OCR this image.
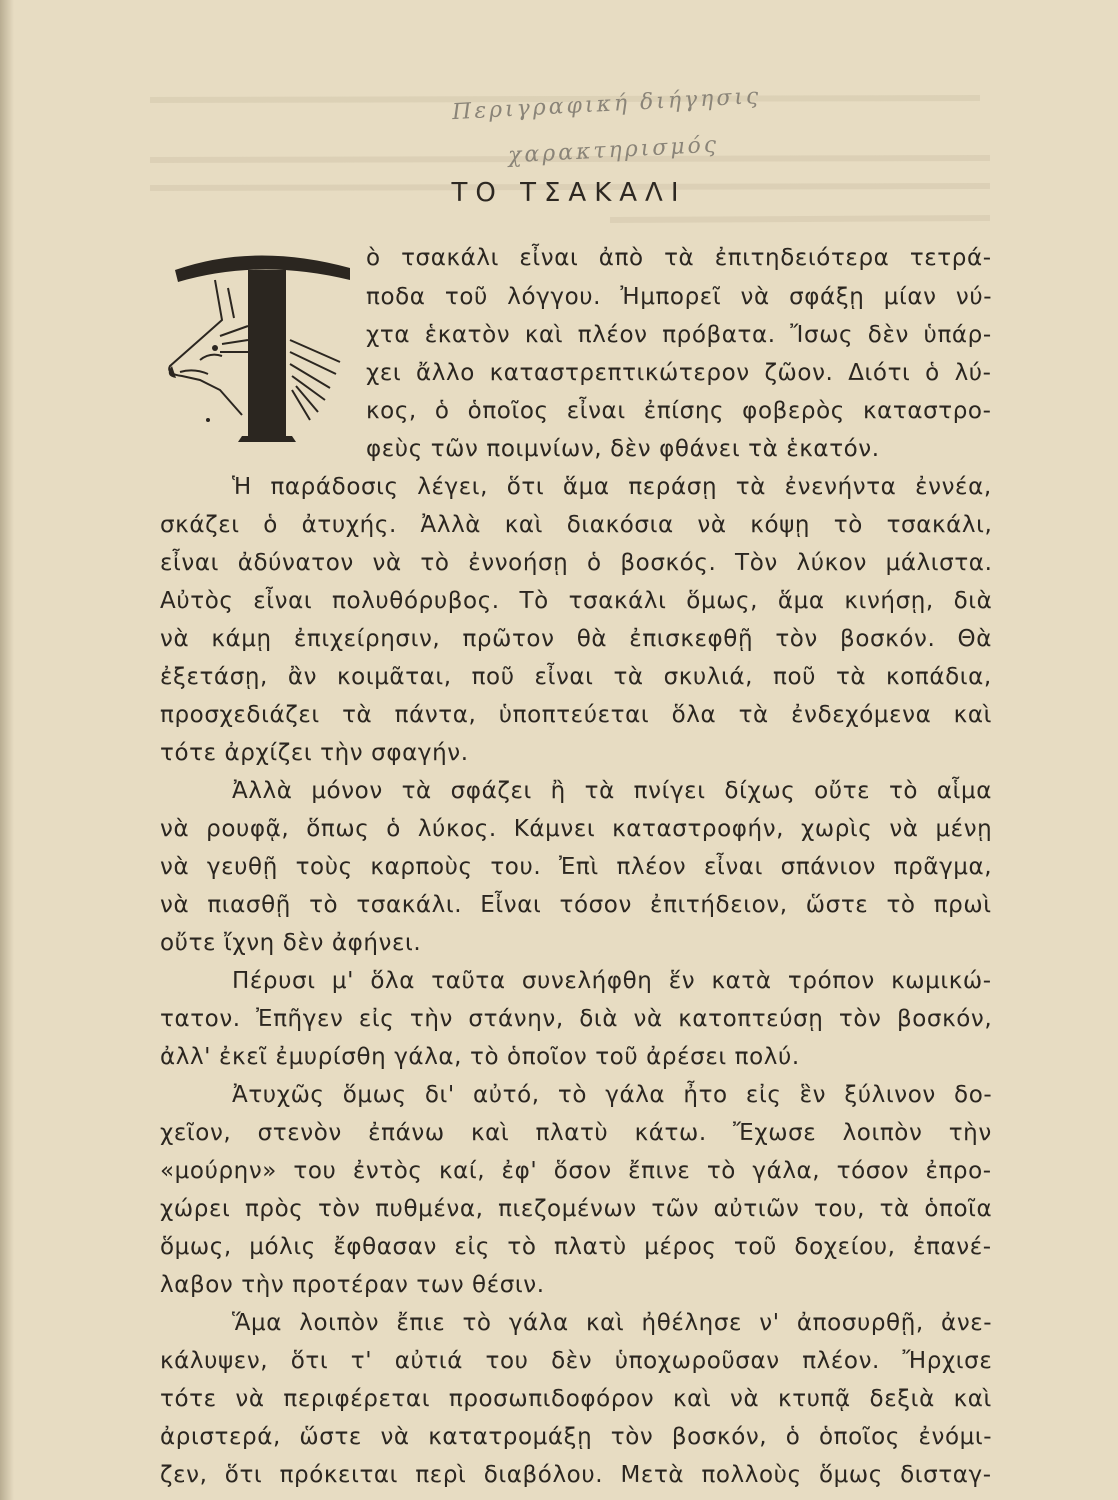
Περιγραφική διήγησις
χαρακτηρισμός
ΤΟ ΤΣΑΚΑΛΙ
Τ
ὸ τσακάλι εἶναι ἀπὸ τὰ ἐπιτηδειότερα τετρά-
ποδα τοῦ λόγγου. Ἠμπορεῖ νὰ σφάξῃ μίαν νύ-
χτα ἑκατὸν καὶ πλέον πρόβατα. Ἴσως δὲν ὑπάρ-
χει ἄλλο καταστρεπτικώτερον ζῶον. Διότι ὁ λύ-
κος, ὁ ὁποῖος εἶναι ἐπίσης φοβερὸς καταστρο-
φεὺς τῶν ποιμνίων, δὲν φθάνει τὰ ἑκατόν.
Ἡ παράδοσις λέγει, ὅτι ἅμα περάσῃ τὰ ἐνενήντα ἐννέα,
σκάζει ὁ ἀτυχής. Ἀλλὰ καὶ διακόσια νὰ κόψῃ τὸ τσακάλι,
εἶναι ἀδύνατον νὰ τὸ ἐννοήσῃ ὁ βοσκός. Τὸν λύκον μάλιστα.
Αὐτὸς εἶναι πολυθόρυβος. Τὸ τσακάλι ὅμως, ἅμα κινήσῃ, διὰ
νὰ κάμῃ ἐπιχείρησιν, πρῶτον θὰ ἐπισκεφθῇ τὸν βοσκόν. Θὰ
ἐξετάσῃ, ἂν κοιμᾶται, ποῦ εἶναι τὰ σκυλιά, ποῦ τὰ κοπάδια,
προσχεδιάζει τὰ πάντα, ὑποπτεύεται ὅλα τὰ ἐνδεχόμενα καὶ
τότε ἀρχίζει τὴν σφαγήν.
Ἀλλὰ μόνον τὰ σφάζει ἢ τὰ πνίγει δίχως οὔτε τὸ αἷμα
νὰ ρουφᾷ, ὅπως ὁ λύκος. Κάμνει καταστροφήν, χωρὶς νὰ μένῃ
νὰ γευθῇ τοὺς καρποὺς του. Ἐπὶ πλέον εἶναι σπάνιον πρᾶγμα,
νὰ πιασθῇ τὸ τσακάλι. Εἶναι τόσον ἐπιτήδειον, ὥστε τὸ πρωὶ
οὔτε ἴχνη δὲν ἀφήνει.
Πέρυσι μ' ὅλα ταῦτα συνελήφθη ἕν κατὰ τρόπον κωμικώ-
τατον. Ἐπῆγεν εἰς τὴν στάνην, διὰ νὰ κατοπτεύσῃ τὸν βοσκόν,
ἀλλ' ἐκεῖ ἐμυρίσθη γάλα, τὸ ὁποῖον τοῦ ἀρέσει πολύ.
Ἀτυχῶς ὅμως δι' αὐτό, τὸ γάλα ἦτο εἰς ἓν ξύλινον δο-
χεῖον, στενὸν ἐπάνω καὶ πλατὺ κάτω. Ἔχωσε λοιπὸν τὴν
«μούρην» του ἐντὸς καί, ἐφ' ὅσον ἔπινε τὸ γάλα, τόσον ἐπρο-
χώρει πρὸς τὸν πυθμένα, πιεζομένων τῶν αὐτιῶν του, τὰ ὁποῖα
ὅμως, μόλις ἔφθασαν εἰς τὸ πλατὺ μέρος τοῦ δοχείου, ἐπανέ-
λαβον τὴν προτέραν των θέσιν.
Ἅμα λοιπὸν ἔπιε τὸ γάλα καὶ ἠθέλησε ν' ἀποσυρθῇ, ἀνε-
κάλυψεν, ὅτι τ' αὐτιά του δὲν ὑποχωροῦσαν πλέον. Ἤρχισε
τότε νὰ περιφέρεται προσωπιδοφόρον καὶ νὰ κτυπᾷ δεξιὰ καὶ
ἀριστερά, ὥστε νὰ κατατρομάξῃ τὸν βοσκόν, ὁ ὁποῖος ἐνόμι-
ζεν, ὅτι πρόκειται περὶ διαβόλου. Μετὰ πολλοὺς ὅμως δισταγ-
